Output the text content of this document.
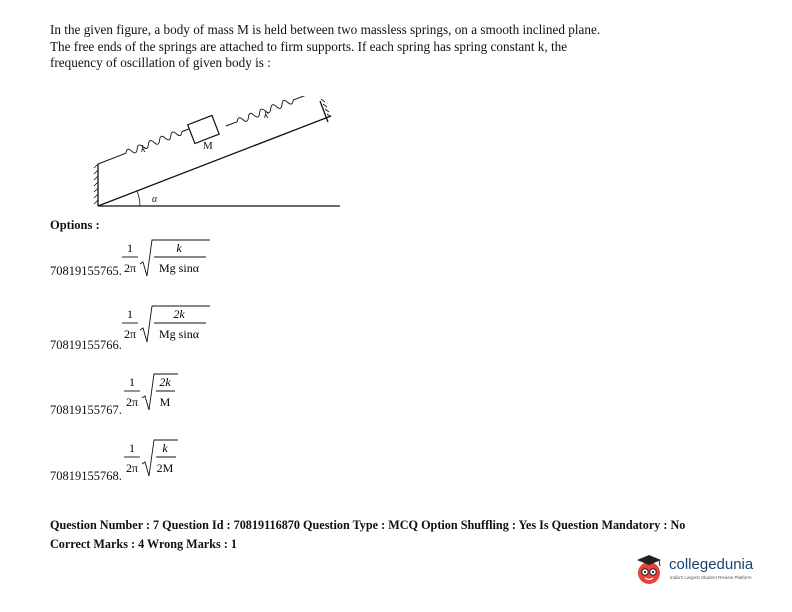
In the given figure, a body of mass M is held between two massless springs, on a smooth inclined plane. The free ends of the springs are attached to firm supports. If each spring has spring constant k, the frequency of oscillation of given body is :

M
k
k
α
Options :
70819155765.
1
2π
k
Mg sinα
70819155766.
1
2π
2k
Mg sinα
70819155767.
1
2π
2k
M
70819155768.
1
2π
k
2M
Question Number : 7 Question Id : 70819116870 Question Type : MCQ Option Shuffling : Yes Is Question Mandatory : No
Correct Marks : 4 Wrong Marks : 1
collegedunia
India's Largest Student Review Platform
